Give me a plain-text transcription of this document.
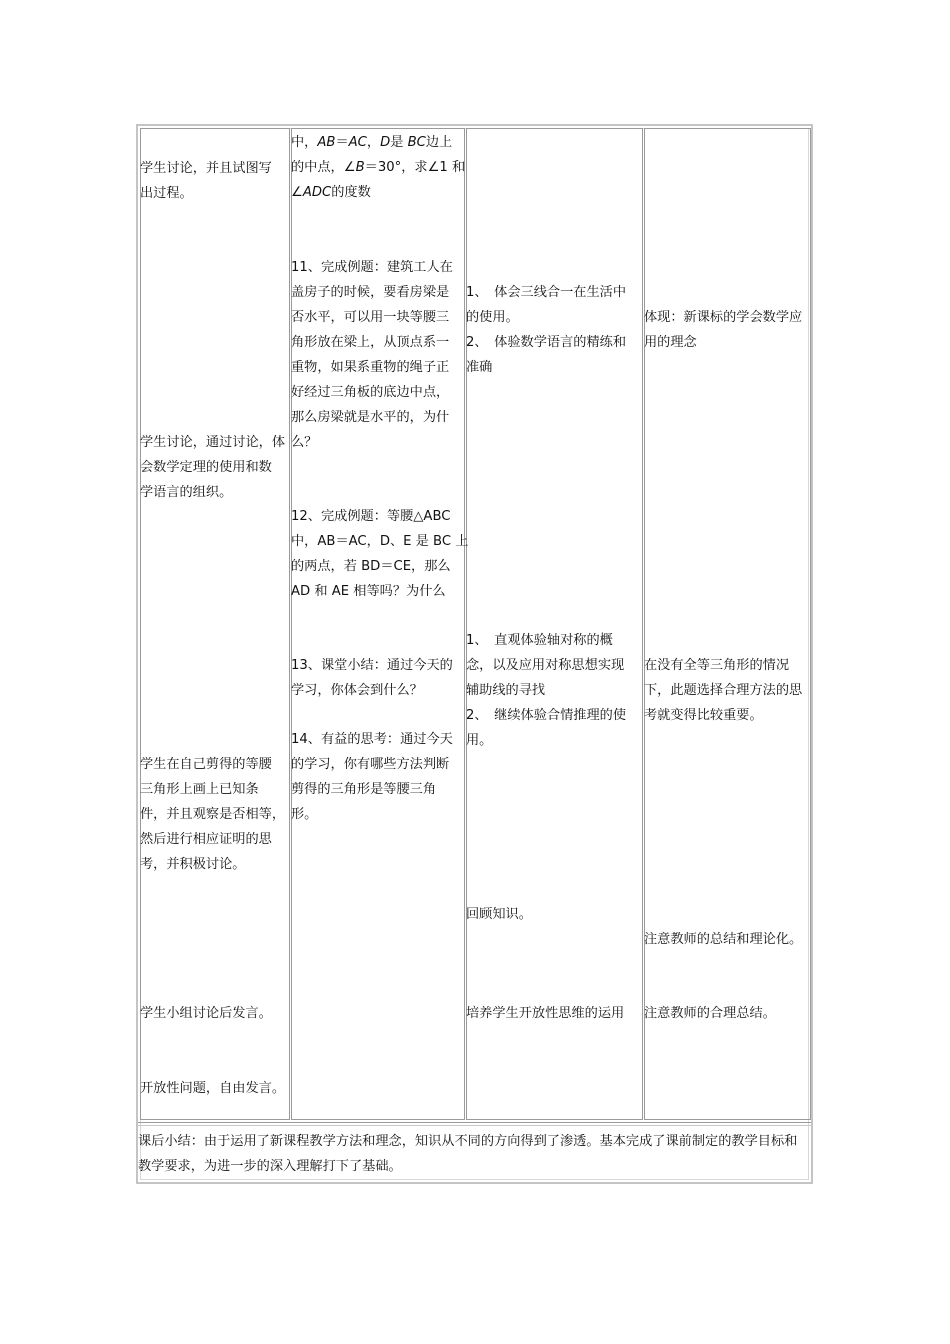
学生讨论，并且试图写
出过程。
学生讨论，通过讨论，体
会数学定理的使用和数
学语言的组织。
学生在自己剪得的等腰
三角形上画上已知条
件，并且观察是否相等，
然后进行相应证明的思
考，并积极讨论。
学生小组讨论后发言。
开放性问题，自由发言。
中，AB＝AC，D是 BC边上
的中点，∠B＝30°，求∠1 和
∠ADC的度数
11、完成例题：建筑工人在
盖房子的时候，要看房梁是
否水平，可以用一块等腰三
角形放在梁上，从顶点系一
重物，如果系重物的绳子正
好经过三角板的底边中点，
那么房梁就是水平的，为什
么？
12、完成例题：等腰△ABC
中，AB＝AC，D、E 是 BC 上
的两点，若 BD＝CE，那么
AD 和 AE 相等吗？为什么
13、课堂小结：通过今天的
学习，你体会到什么？
14、有益的思考：通过今天
的学习，你有哪些方法判断
剪得的三角形是等腰三角
形。
1、　体会三线合一在生活中
的使用。
2、　体验数学语言的精练和
准确
1、　直观体验轴对称的概
念，以及应用对称思想实现
辅助线的寻找
2、　继续体验合情推理的使
用。
回顾知识。
培养学生开放性思维的运用
体现：新课标的学会数学应
用的理念
在没有全等三角形的情况
下，此题选择合理方法的思
考就变得比较重要。
注意教师的总结和理论化。
注意教师的合理总结。
课后小结：由于运用了新课程教学方法和理念，知识从不同的方向得到了渗透。基本完成了课前制定的教学目标和教学要求，为进一步的深入理解打下了基础。
